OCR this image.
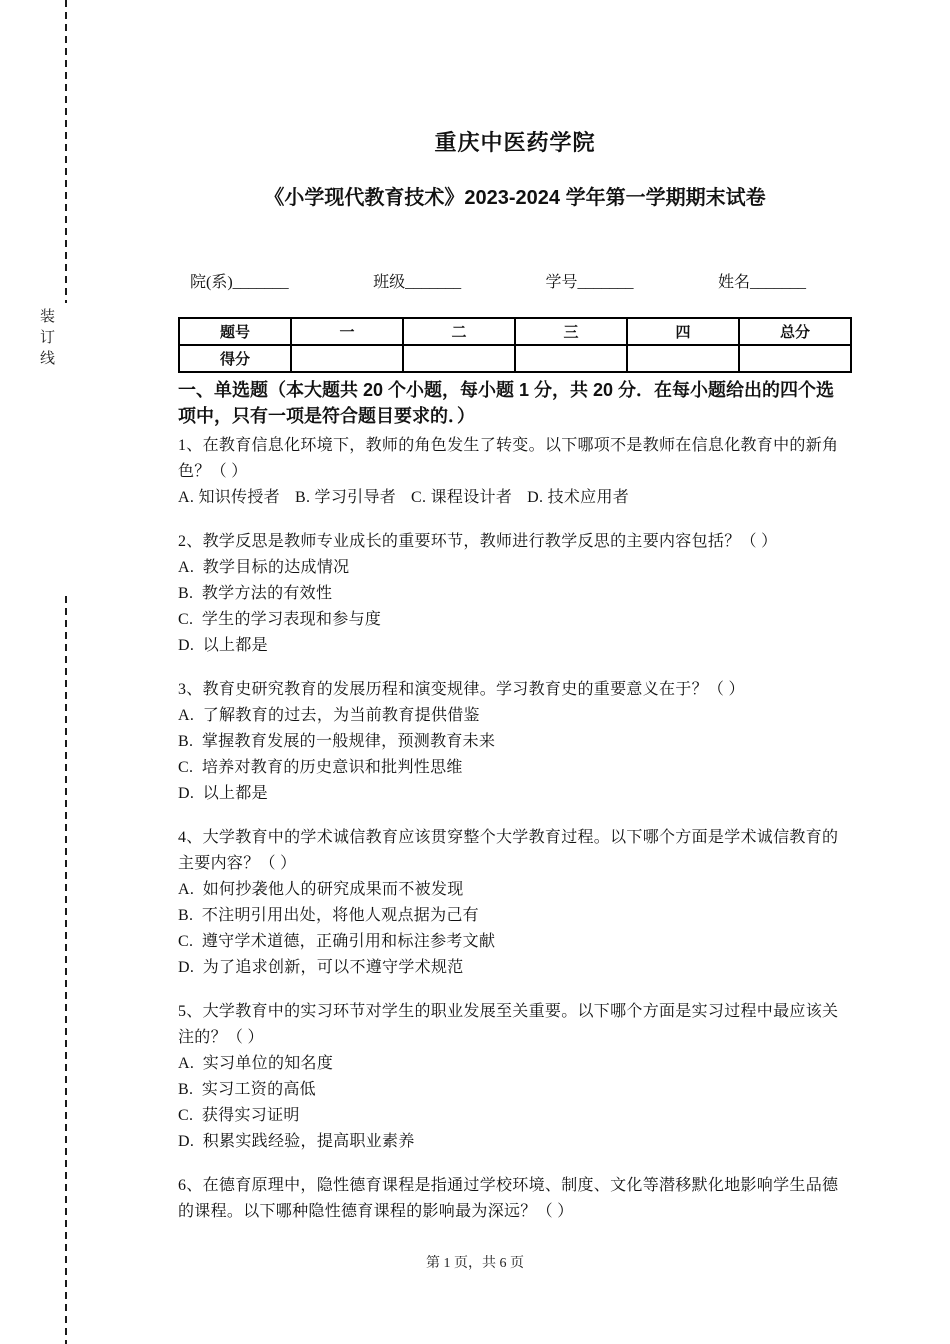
装订线
重庆中医药学院
《小学现代教育技术》2023-2024 学年第一学期期末试卷
院(系)_______	班级_______	学号_______	姓名_______
题号	一	二	三	四	总分
得分					
一、单选题（本大题共 20 个小题，每小题 1 分，共 20 分．在每小题给出的四个选项中，只有一项是符合题目要求的．）
1、在教育信息化环境下，教师的角色发生了转变。以下哪项不是教师在信息化教育中的新角色？（ ）
A. 知识传授者 B. 学习引导者 C. 课程设计者 D. 技术应用者
2、教学反思是教师专业成长的重要环节，教师进行教学反思的主要内容包括？（ ）
A.  教学目标的达成情况
B.  教学方法的有效性
C.  学生的学习表现和参与度
D.  以上都是
3、教育史研究教育的发展历程和演变规律。学习教育史的重要意义在于？（ ）
A.  了解教育的过去，为当前教育提供借鉴
B.  掌握教育发展的一般规律，预测教育未来
C.  培养对教育的历史意识和批判性思维
D.  以上都是
4、大学教育中的学术诚信教育应该贯穿整个大学教育过程。以下哪个方面是学术诚信教育的主要内容？（ ）
A.  如何抄袭他人的研究成果而不被发现
B.  不注明引用出处，将他人观点据为己有
C.  遵守学术道德，正确引用和标注参考文献
D.  为了追求创新，可以不遵守学术规范
5、大学教育中的实习环节对学生的职业发展至关重要。以下哪个方面是实习过程中最应该关注的？（ ）
A.  实习单位的知名度
B.  实习工资的高低
C.  获得实习证明
D.  积累实践经验，提高职业素养
6、在德育原理中，隐性德育课程是指通过学校环境、制度、文化等潜移默化地影响学生品德的课程。以下哪种隐性德育课程的影响最为深远？（ ）
第 1 页，共 6 页
